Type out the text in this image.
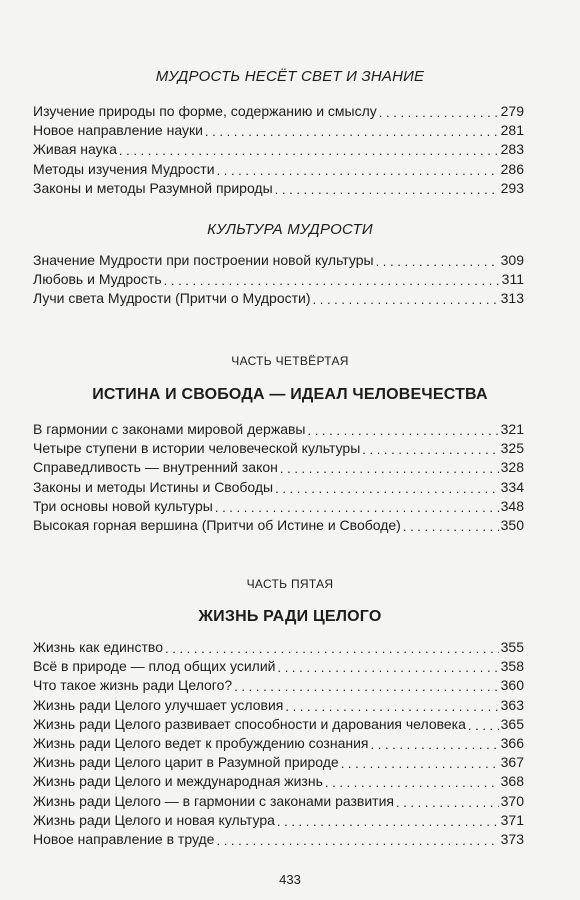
МУДРОСТЬ НЕСЁТ СВЕТ И ЗНАНИЕ
Изучение природы по форме, содержанию и смыслу . . .	279
Новое направление науки . . .	281
Живая наука . . .	283
Методы изучения Мудрости . . .	286
Законы и методы Разумной природы . . .	293
КУЛЬТУРА МУДРОСТИ
Значение Мудрости при построении новой культуры . . .	309
Любовь и Мудрость . . .	311
Лучи света Мудрости (Притчи о Мудрости) . . .	313
ЧАСТЬ ЧЕТВЁРТАЯ
ИСТИНА И СВОБОДА — ИДЕАЛ ЧЕЛОВЕЧЕСТВА
В гармонии с законами мировой державы . . .	321
Четыре ступени в истории человеческой культуры . . .	325
Справедливость — внутренний закон . . .	328
Законы и методы Истины и Свободы . . .	334
Три основы новой культуры . . .	348
Высокая горная вершина (Притчи об Истине и Свободе) . . .	350
ЧАСТЬ ПЯТАЯ
ЖИЗНЬ РАДИ ЦЕЛОГО
Жизнь как единство . . .	355
Всё в природе — плод общих усилий . . .	358
Что такое жизнь ради Целого? . . .	360
Жизнь ради Целого улучшает условия . . .	363
Жизнь ради Целого развивает способности и дарования человека . . . 365
Жизнь ради Целого ведет к пробуждению сознания . . .	366
Жизнь ради Целого царит в Разумной природе . . .	367
Жизнь ради Целого и международная жизнь . . .	368
Жизнь ради Целого — в гармонии с законами развития . . .	370
Жизнь ради Целого и новая культура . . .	371
Новое направление в труде . . .	373
433
